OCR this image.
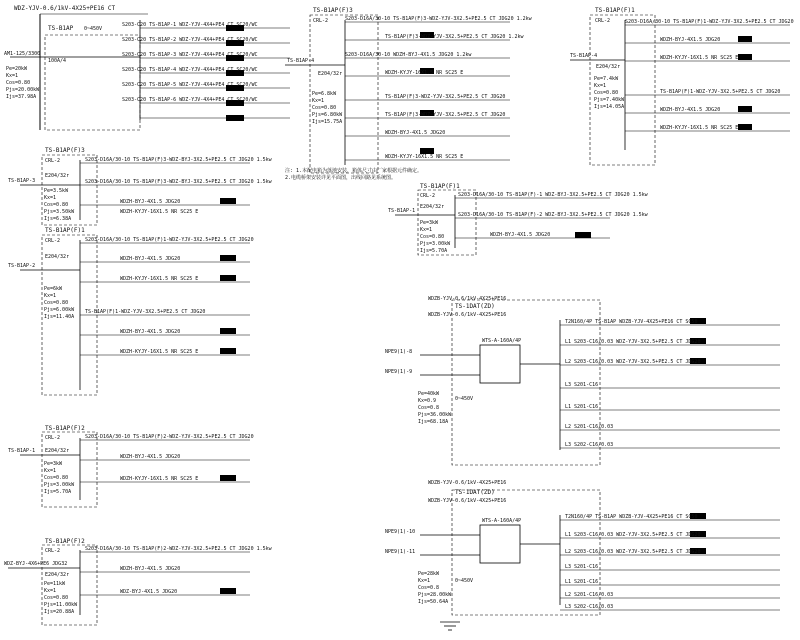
WDZ-YJV-0.6/1kV-4X25+PE16 CT
TS-B1AP
AM1-125/3300
100A/4
0~450V
S203-C20 TS-B1AP-1 WDZ-YJV-4X4+PE4 CT SC20/WC
S203-C20 TS-B1AP-2 WDZ-YJV-4X4+PE4 CT SC20/WC
S203-C20 TS-B1AP-3 WDZ-YJV-4X4+PE4 CT SC20/WC
S203-C20 TS-B1AP-4 WDZ-YJV-4X4+PE4 CT SC20/WC
S203-C20 TS-B1AP-5 WDZ-YJV-4X4+PE4 CT SC20/WC
S203-C20 TS-B1AP-6 WDZ-YJV-4X4+PE4 CT SC20/WC
Pe=20kW
Kx=1
Cos=0.80
Pjs=20.00kW
Ijs=37.98A
TS-B1AP(F)3
CRL-2
TS-B1AP-4
E204/32r
S203-D16A/30-10 TS-B1AP(F)3-WDZ-YJV-3X2.5+PE2.5 CT JDG20 1.2kw
TS-B1AP(F)3-WDZ-YJV-3X2.5+PE2.5 CT JDG20 1.2kw
S203-D16A/30-10 WDZH-BYJ-4X1.5 JDG20 1.2kw
WDZH-KYJY-16X1.5 NR SC25 E
TS-B1AP(F)3-WDZ-YJV-3X2.5+PE2.5 CT JDG20
TS-B1AP(F)3-WDZ-YJV-3X2.5+PE2.5 CT JDG20
WDZH-BYJ-4X1.5 JDG20
WDZH-KYJY-16X1.5 NR SC25 E
Pe=6.8kW
Kx=1
Cos=0.80
Pjs=6.80kW
Ijs=15.75A
TS-B1AP(F)1
CRL-2
TS-B1AP-4
E204/32r
S203-D16A/30-10 TS-B1AP(F)1-WDZ-YJV-3X2.5+PE2.5 CT JDG20
WDZH-BYJ-4X1.5 JDG20
WDZH-KYJY-16X1.5 NR SC25 E
TS-B1AP(F)1-WDZ-YJV-3X2.5+PE2.5 CT JDG20
WDZH-BYJ-4X1.5 JDG20
WDZH-KYJY-16X1.5 NR SC25 E
Pe=7.4kW
Kx=1
Cos=0.80
Pjs=7.40kW
Ijs=14.05A
注: 1.本配电箱为落地安装，箱体尺寸由厂家根据元件确定。
2.电缆桥架安装详见平面图，出线回路见系统图。
TS-B1AP(F)3
CRL-2
TS-B1AP-3
E204/32r
S203-D16A/30-10 TS-B1AP(F)3-WDZ-BYJ-3X2.5+PE2.5 CT JDG20 1.5kw
S203-D16A/30-10 TS-B1AP(F)3-WDZ-BYJ-3X2.5+PE2.5 CT JDG20 1.5kw
WDZH-BYJ-4X1.5 JDG20
WDZH-KYJY-16X1.5 NR SC25 E
Pe=3.5kW
Kx=1
Cos=0.80
Pjs=3.50kW
Ijs=6.38A
TS-B1AP(F)1
CRL-2
TS-B1AP-2
E204/32r
S203-D16A/30-10 TS-B1AP(F)1-WDZ-YJV-3X2.5+PE2.5 CT JDG20
WDZH-BYJ-4X1.5 JDG20
WDZH-KYJY-16X1.5 NR SC25 E
TS-B1AP(F)1-WDZ-YJV-3X2.5+PE2.5 CT JDG20
WDZH-BYJ-4X1.5 JDG20
WDZH-KYJY-16X1.5 NR SC25 E
Pe=6kW
Kx=1
Cos=0.80
Pjs=6.00kW
Ijs=11.40A
TS-B1AP(F)2
CRL-2
TS-B1AP-1 E204/32r
S203-D16A/30-10 TS-B1AP(F)2-WDZ-YJV-3X2.5+PE2.5 CT JDG20
WDZH-BYJ-4X1.5 JDG20
WDZH-KYJY-16X1.5 NR SC25 E
Pe=3kW
Kx=1
Cos=0.80
Pjs=3.00kW
Ijs=5.70A
TS-B1AP(F)2
CRL-2
WDZ-BYJ-4X6+PE6 JDG32
E204/32r
S203-D16A/30-10 TS-B1AP(F)2-WDZ-YJV-3X2.5+PE2.5 CT JDG20 1.5kw
WDZH-BYJ-4X1.5 JDG20
WDZ-BYJ-4X1.5 JDG20
Pe=11kW
Kx=1
Cos=0.80
Pjs=11.00kW
Ijs=20.88A
TS-B1AP(F)1
CRL-2
TS-B1AP-1
E204/32r
S203-D16A/30-10 TS-B1AP(F)-1 WDZ-BYJ-3X2.5+PE2.5 CT JDG20 1.5kw
S203-D16A/30-10 TS-B1AP(F)-2 WDZ-BYJ-3X2.5+PE2.5 CT JDG20 1.5kw
WDZH-BYJ-4X1.5 JDG20
Pe=3kW
Kx=1
Cos=0.80
Pjs=3.00kW
Ijs=5.70A
WDZB-YJV-0.6/1kV-4X25+PE16
TS-1DAT(ZD)
WDZB-YJV-0.6/1kV-4X25+PE16
NPE9(1)-8
NPE9(1)-9
WTS-A-160A/4P
0~450V
T2N160/4P TS-B1AP WDZB-YJV-4X25+PE16 CT SC50
L1 S203-C16/0.03 WDZ-YJV-3X2.5+PE2.5 CT JDG20
L2 S203-C16/0.03 WDZ-YJV-3X2.5+PE2.5 CT JDG20
L3 S201-C16
L1 S201-C16
L2 S201-C16/0.03
L3 S202-C16/0.03
Pe=40kW
Kx=0.9
Cos=0.8
Pjs=36.00kW
Ijs=68.18A
WDZB-YJV-0.6/1kV-4X25+PE16
TS-1DAT(ZD)
WDZB-YJV-0.6/1kV-4X25+PE16
NPE9(1)-10
NPE9(1)-11
WTS-A-160A/4P
0~450V
T2N160/4P TS-B1AP WDZB-YJV-4X25+PE16 CT SC50
L1 S203-C16/0.03 WDZ-YJV-3X2.5+PE2.5 CT JDG20
L2 S203-C16/0.03 WDZ-YJV-3X2.5+PE2.5 CT JDG20
L3 S201-C16
L1 S201-C16
L2 S201-C16/0.03
L3 S202-C16/0.03
Pe=28kW
Kx=1
Cos=0.8
Pjs=28.00kW
Ijs=50.64A
